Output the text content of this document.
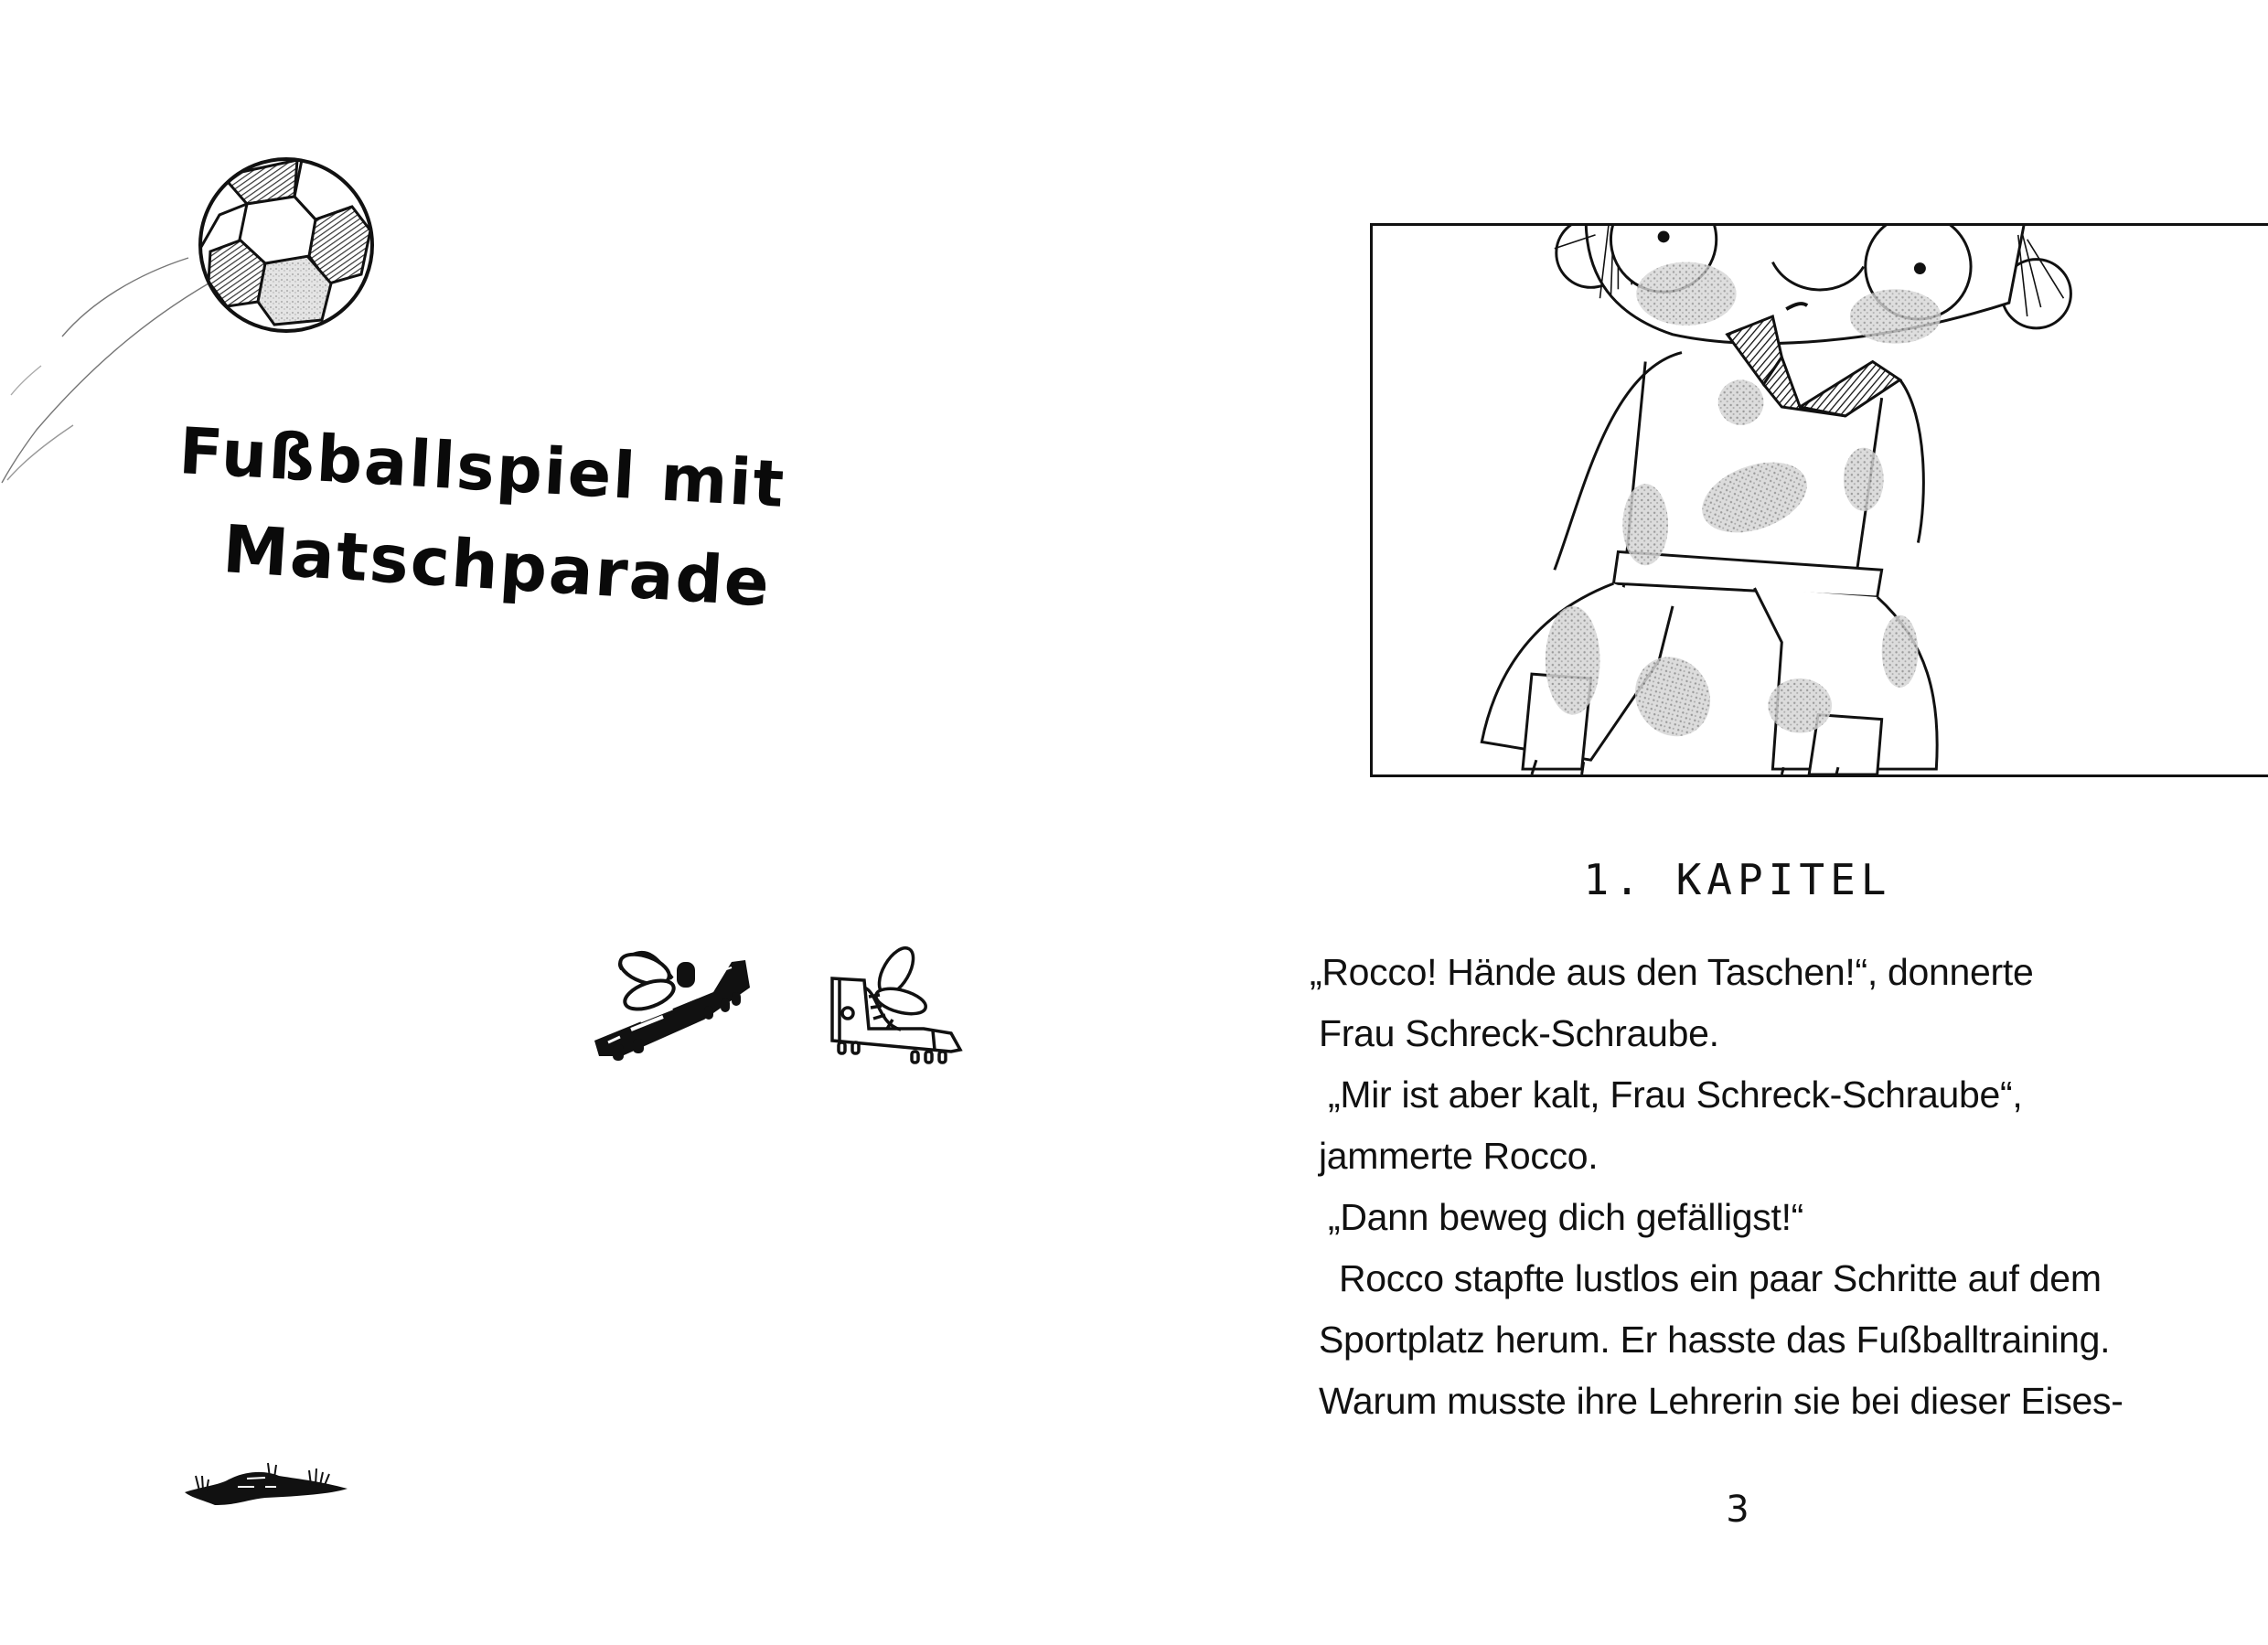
Fußballspiel mit
Matschparade
1. KAPITEL
„Rocco! Hände aus den Taschen!“, donnerte
Frau Schreck-Schraube.
„Mir ist aber kalt, Frau Schreck-Schraube“,
jammerte Rocco.
„Dann beweg dich gefälligst!“
Rocco stapfte lustlos ein paar Schritte auf dem
Sportplatz herum. Er hasste das Fußballtraining.
Warum musste ihre Lehrerin sie bei dieser Eises-
3
